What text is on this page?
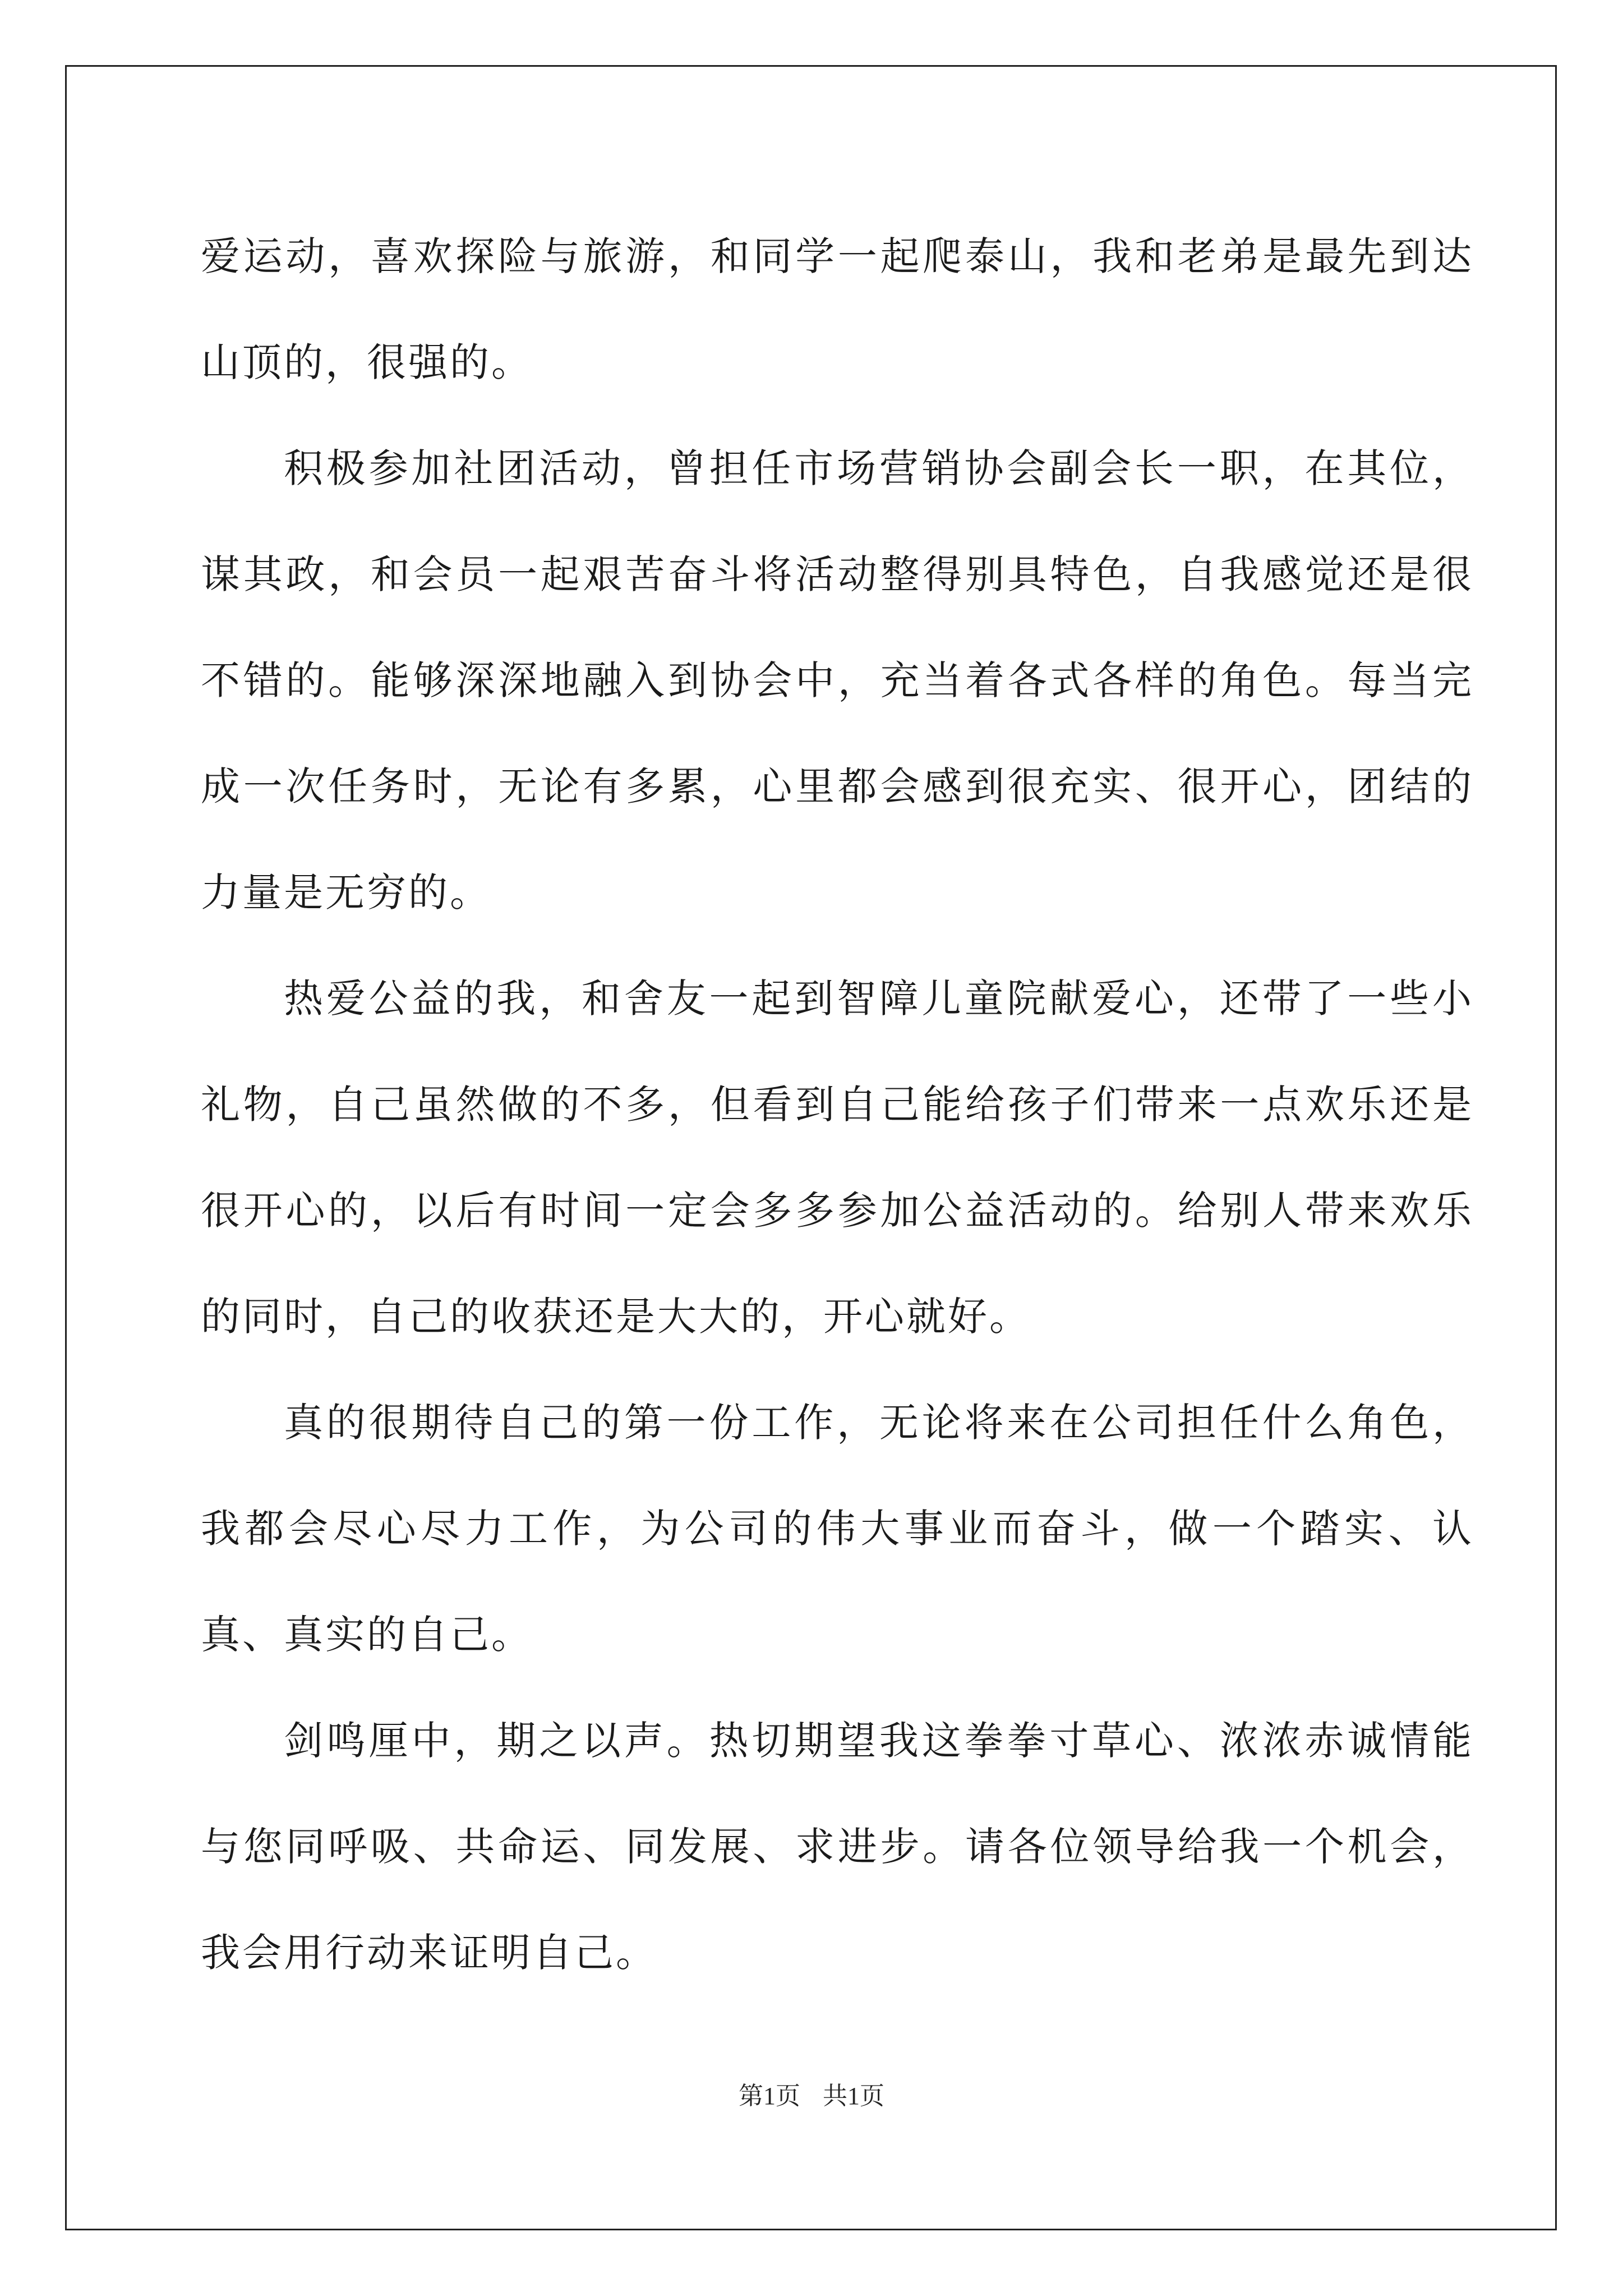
爱运动，喜欢探险与旅游，和同学一起爬泰山，我和老弟是最先到达山顶的，很强的。

积极参加社团活动，曾担任市场营销协会副会长一职，在其位，谋其政，和会员一起艰苦奋斗将活动整得别具特色，自我感觉还是很不错的。能够深深地融入到协会中，充当着各式各样的角色。每当完成一次任务时，无论有多累，心里都会感到很充实、很开心，团结的力量是无穷的。

热爱公益的我，和舍友一起到智障儿童院献爱心，还带了一些小礼物，自己虽然做的不多，但看到自己能给孩子们带来一点欢乐还是很开心的，以后有时间一定会多多参加公益活动的。给别人带来欢乐的同时，自己的收获还是大大的，开心就好。

真的很期待自己的第一份工作，无论将来在公司担任什么角色，我都会尽心尽力工作，为公司的伟大事业而奋斗，做一个踏实、认真、真实的自己。

剑鸣厘中，期之以声。热切期望我这拳拳寸草心、浓浓赤诚情能与您同呼吸、共命运、同发展、求进步。请各位领导给我一个机会，我会用行动来证明自己。

第1页 共1页
